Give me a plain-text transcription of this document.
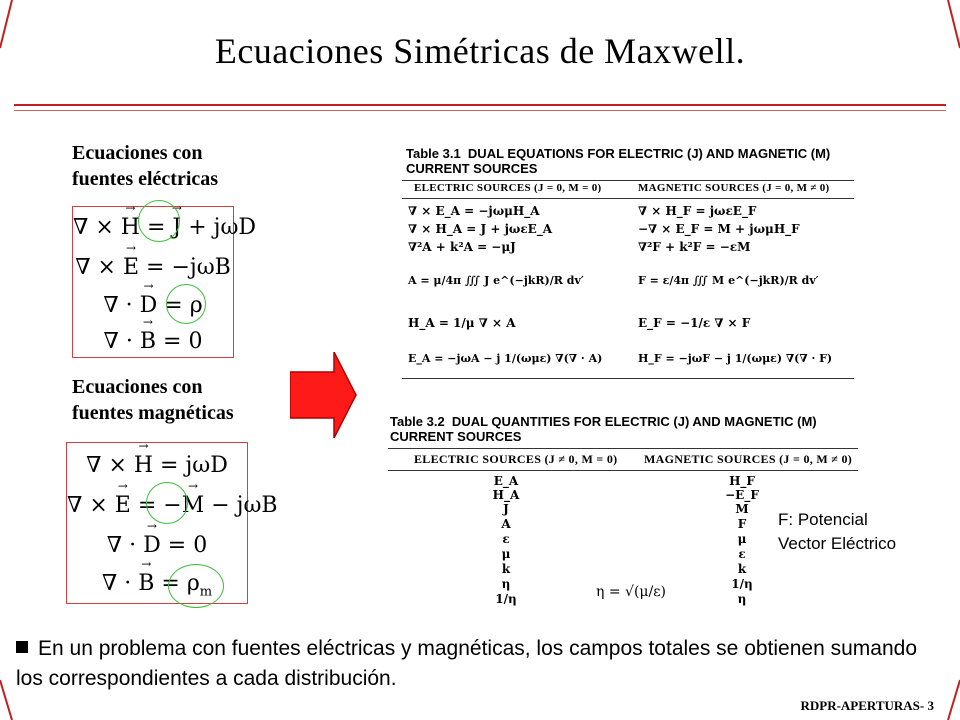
Ecuaciones Simétricas de Maxwell.
Ecuaciones con
fuentes eléctricas
∇ × → H = → J + jωD
∇ × → E = −jωB
∇ · → D = ρ
∇ · → B = 0
Ecuaciones con
fuentes magnéticas
∇ × → H = jωD
∇ × → E = −→ M − jωB
∇ · → D = 0
∇ · → $B = \rho_m$
Table 3.1 DUAL EQUATIONS FOR ELECTRIC (J) AND MAGNETIC (M) CURRENT SOURCES
ELECTRIC SOURCES (J = 0, M = 0)	MAGNETIC SOURCES (J = 0, M ≠ 0)
∇ × E_A = −jωμH_A
∇ × H_A = J + jωεE_A
∇²A + k²A = −μJ
A = μ/4π ∭ J e^(−jkR)/R dv′
H_A = 1/μ ∇ × A
E_A = −jωA − j 1/(ωμε) ∇(∇ · A)
∇ × H_F = jωεE_F
−∇ × E_F = M + jωμH_F
∇²F + k²F = −εM
F = ε/4π ∭ M e^(−jkR)/R dv′
E_F = −1/ε ∇ × F
H_F = −jωF − j 1/(ωμε) ∇(∇ · F)
Table 3.2 DUAL QUANTITIES FOR ELECTRIC (J) AND MAGNETIC (M) CURRENT SOURCES
ELECTRIC SOURCES (J ≠ 0, M = 0) MAGNETIC SOURCES (J = 0, M ≠ 0)
E_A
H_A
J
A
ε
μ
k
η
1/η
H_F
−E_F
M
F
μ
ε
k
1/η
η
η = √(μ/ε)
F: Potencial
Vector Eléctrico
En un problema con fuentes eléctricas y magnéticas, los campos totales se obtienen sumando los correspondientes a cada distribución.
RDPR-APERTURAS- 3
